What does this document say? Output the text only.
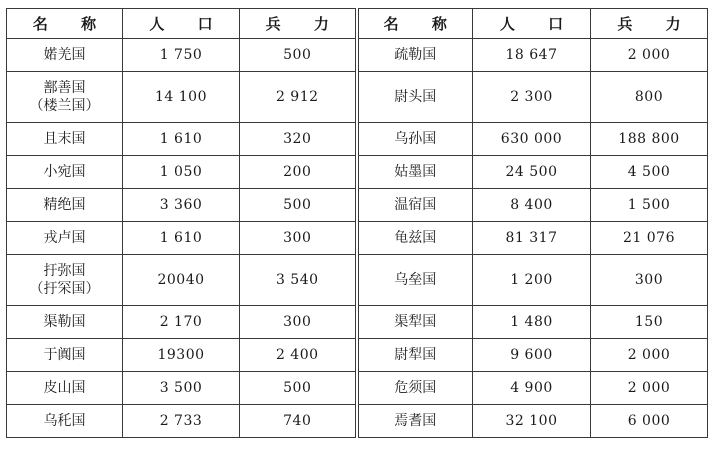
名 称	人 口	兵 力	名 称	人 口	兵 力

婼羌国	1 750	500	疏勒国	18 647	2 000

鄯善国
（楼兰国）	14 100	2 912	尉头国	2 300	800

且末国	1 610	320	乌孙国	630 000	188 800

小宛国	1 050	200	姑墨国	24 500	4 500

精绝国	3 360	500	温宿国	8 400	1 500

戎卢国	1 610	300	龟兹国	81 317	21 076

扜弥国
（扜罙国）	20040	3 540	乌垒国	1 200	300

渠勒国	2 170	300	渠犁国	1 480	150

于阗国	19300	2 400	尉犁国	9 600	2 000

皮山国	3 500	500	危须国	4 900	2 000

乌秅国	2 733	740	焉耆国	32 100	6 000
